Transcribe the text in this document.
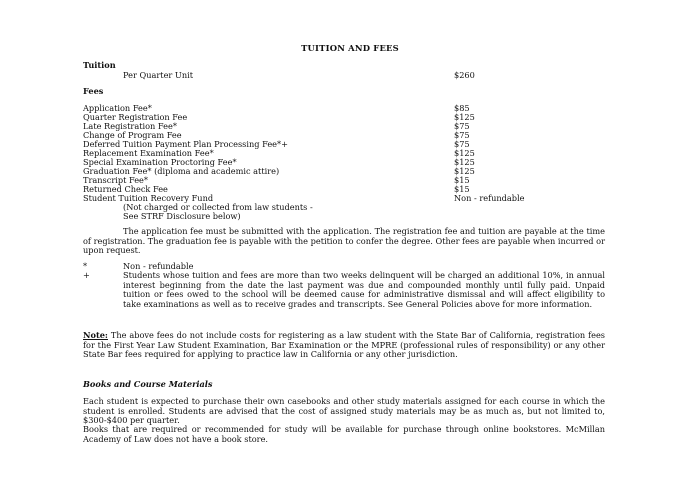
TUITION AND FEES
Tuition
Per Quarter Unit	$260
Fees
Application Fee*	$85
Quarter Registration Fee	$125
Late Registration Fee*	$75
Change of Program Fee	$75
Deferred Tuition Payment Plan Processing Fee*+	$75
Replacement Examination Fee*	$125
Special Examination Proctoring Fee*	$125
Graduation Fee* (diploma and academic attire)	$125
Transcript Fee*	$15
Returned Check Fee	$15
Student Tuition Recovery Fund	Non - refundable
(Not charged or collected from law students -
See STRF Disclosure below)
The application fee must be submitted with the application. The registration fee and tuition are payable at the time of registration. The graduation fee is payable with the petition to confer the degree. Other fees are payable when incurred or upon request.
*	Non - refundable
+	Students whose tuition and fees are more than two weeks delinquent will be charged an additional 10%, in annual interest beginning from the date the last payment was due and compounded monthly until fully paid. Unpaid tuition or fees owed to the school will be deemed cause for administrative dismissal and will affect eligibility to take examinations as well as to receive grades and transcripts. See General Policies above for more information.
Note: The above fees do not include costs for registering as a law student with the State Bar of California, registration fees for the First Year Law Student Examination, Bar Examination or the MPRE (professional rules of responsibility) or any other State Bar fees required for applying to practice law in California or any other jurisdiction.
Books and Course Materials
Each student is expected to purchase their own casebooks and other study materials assigned for each course in which the student is enrolled. Students are advised that the cost of assigned study materials may be as much as, but not limited to, $300-$400 per quarter.
Books that are required or recommended for study will be available for purchase through online bookstores. McMillan Academy of Law does not have a book store.
